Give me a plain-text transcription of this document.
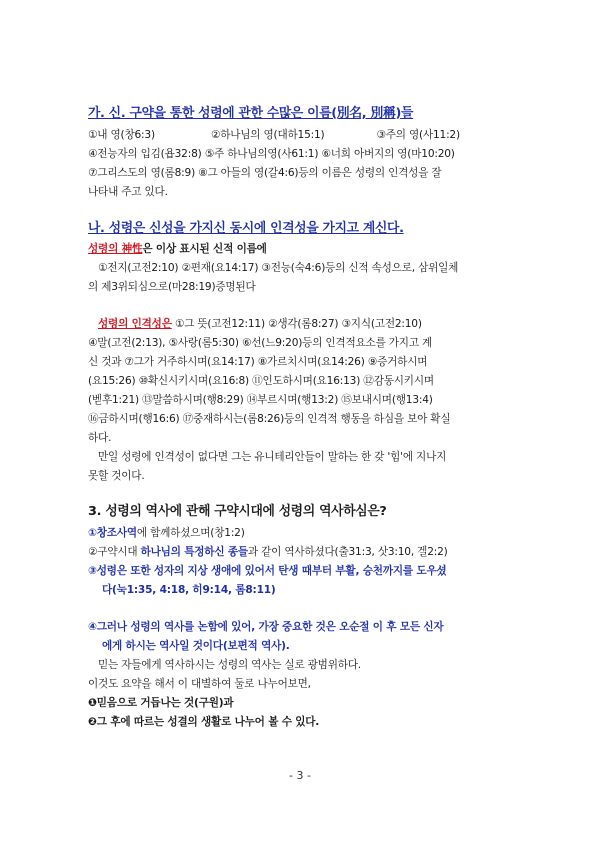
가. 신. 구약을 통한 성령에 관한 수많은 이름(別名, 別稱)들
①내 영(창6:3)	②하나님의 영(대하15:1)	③주의 영(사11:2)
④전능자의 입김(욥32:8) ⑤주 하나님의영(사61:1) ⑥너희 아버지의 영(마10:20)
⑦그리스도의 영(롬8:9) ⑧그 아들의 영(갈4:6)등의 이름은 성령의 인격성을 잘
나타내 주고 있다.
나. 성령은 신성을 가지신 동시에 인격성을 가지고 계신다.
성령의 神性은 이상 표시된 신적 이름에
①전지(고전2:10) ②편재(요14:17) ③전능(숙4:6)등의 신적 속성으로, 삼위일체
의 제3위되심으로(마28:19)증명된다
성령의 인격성은 ①그 뜻(고전12:11) ②생각(롬8:27) ③지식(고전2:10)
④말(고전(2:13), ⑤사랑(롬5:30) ⑥선(느9:20)등의 인격적요소를 가지고 계
신 것과 ⑦그가 거주하시며(요14:17) ⑧가르치시며(요14:26) ⑨증거하시며
(요15:26) ⑩확신시키시며(요16:8) ⑪인도하시며(요16:13) ⑫감동시키시며
(벧후1:21) ⑬말씀하시며(행8:29) ⑭부르시며(행13:2) ⑮보내시며(행13:4)
⑯금하시며(행16:6) ⑰중재하시는(롬8:26)등의 인격적 행동을 하심을 보아 확실
하다.
만일 성령에 인격성이 없다면 그는 유니테리안들이 말하는 한 갖 '힘'에 지나지
못할 것이다.
3. 성령의 역사에 관해 구약시대에 성령의 역사하심은?
①창조사역에 함께하셨으며(창1:2)
②구약시대 하나님의 특정하신 종들과 같이 역사하셨다(출31:3, 삿3:10, 겔2:2)
③성령은 또한 성자의 지상 생애에 있어서 탄생 때부터 부활, 승천까지를 도우셨
다(눅1:35, 4:18, 히9:14, 롬8:11)
④그러나 성령의 역사를 논함에 있어, 가장 중요한 것은 오순절 이 후 모든 신자
에게 하시는 역사일 것이다(보편적 역사).
믿는 자들에게 역사하시는 성령의 역사는 실로 광범위하다.
이것도 요약을 해서 이 대별하여 둘로 나누어보면,
❶믿음으로 거듭나는 것(구원)과
❷그 후에 따르는 성결의 생활로 나누어 볼 수 있다.
- 3 -
